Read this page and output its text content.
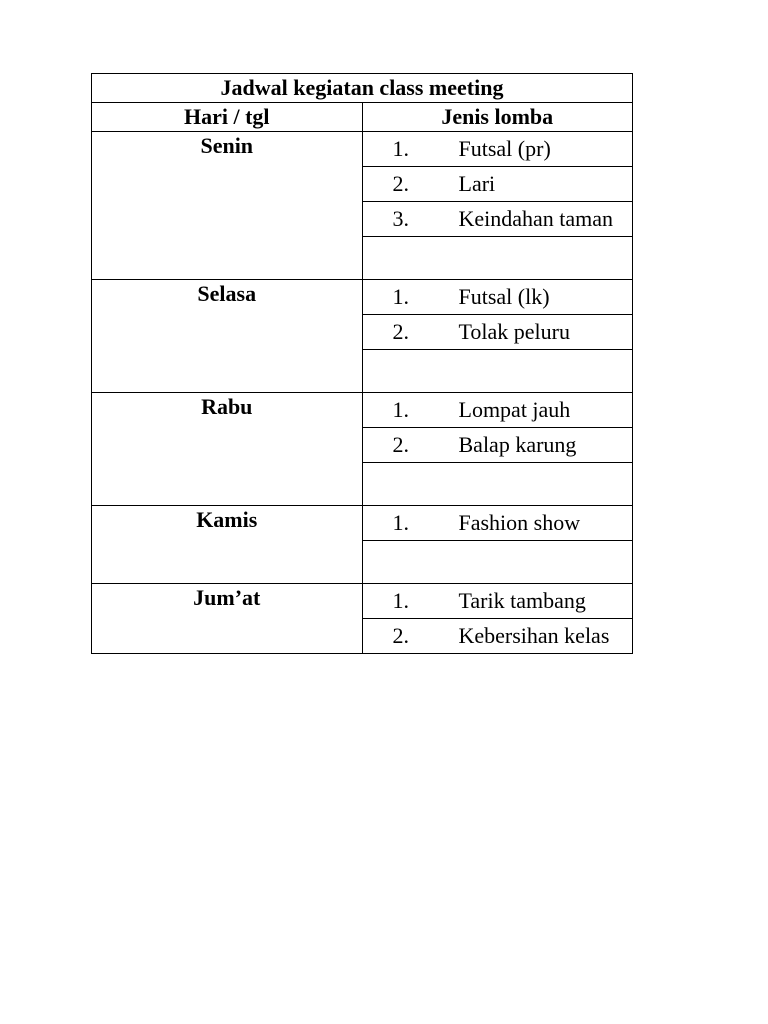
Jadwal kegiatan class meeting	
Hari / tgl	Jenis lomba
Senin	1. Futsal (pr)
	2. Lari
	3. Keindahan taman

Selasa	1. Futsal (lk)
	2. Tolak peluru

Rabu	1. Lompat jauh
	2. Balap karung

Kamis	1. Fashion show

Jum’at	1. Tarik tambang
	2. Kebersihan kelas
